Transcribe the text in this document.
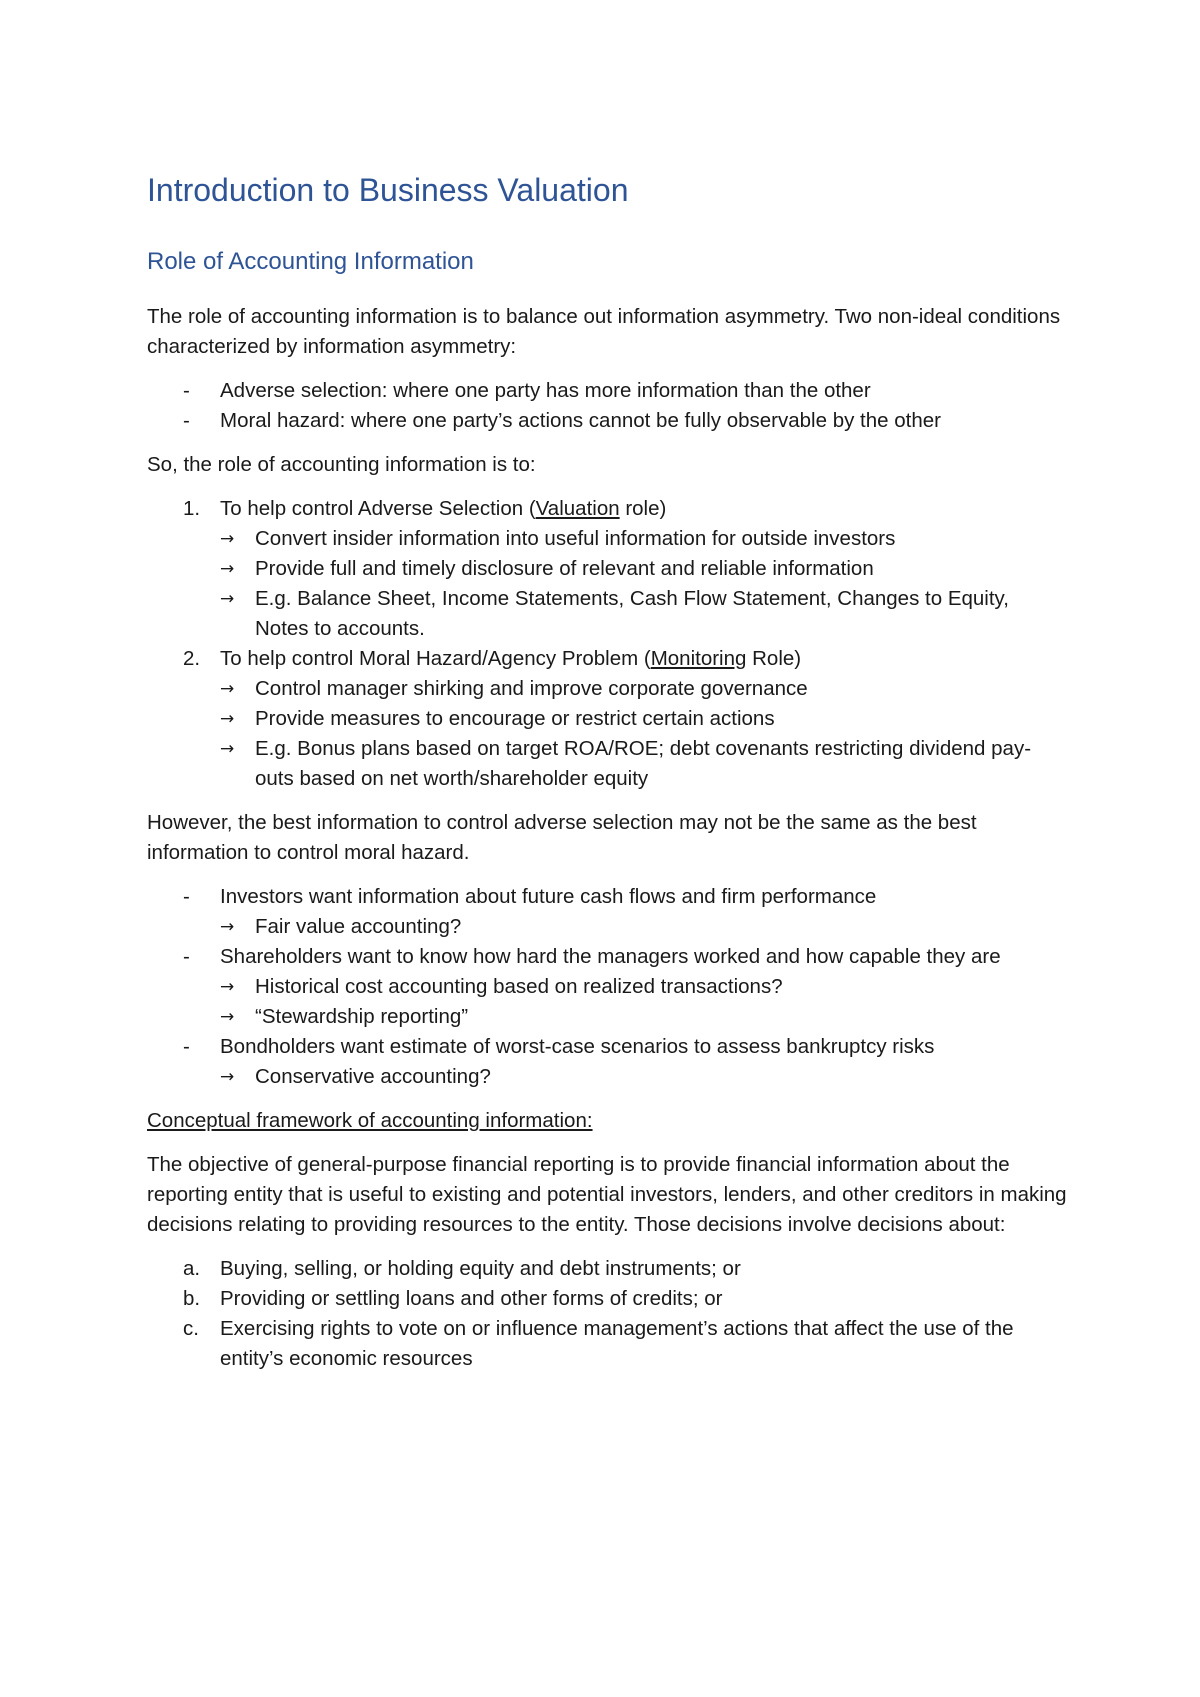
Introduction to Business Valuation
Role of Accounting Information

The role of accounting information is to balance out information asymmetry. Two non-ideal conditions characterized by information asymmetry:

- Adverse selection: where one party has more information than the other
- Moral hazard: where one party’s actions cannot be fully observable by the other

So, the role of accounting information is to:

1. To help control Adverse Selection (Valuation role)
→ Convert insider information into useful information for outside investors
→ Provide full and timely disclosure of relevant and reliable information
→ E.g. Balance Sheet, Income Statements, Cash Flow Statement, Changes to Equity, Notes to accounts.
2. To help control Moral Hazard/Agency Problem (Monitoring Role)
→ Control manager shirking and improve corporate governance
→ Provide measures to encourage or restrict certain actions
→ E.g. Bonus plans based on target ROA/ROE; debt covenants restricting dividend pay-outs based on net worth/shareholder equity

However, the best information to control adverse selection may not be the same as the best information to control moral hazard.

- Investors want information about future cash flows and firm performance
→ Fair value accounting?
- Shareholders want to know how hard the managers worked and how capable they are
→ Historical cost accounting based on realized transactions?
→ “Stewardship reporting”
- Bondholders want estimate of worst-case scenarios to assess bankruptcy risks
→ Conservative accounting?

Conceptual framework of accounting information:

The objective of general-purpose financial reporting is to provide financial information about the reporting entity that is useful to existing and potential investors, lenders, and other creditors in making decisions relating to providing resources to the entity. Those decisions involve decisions about:

a. Buying, selling, or holding equity and debt instruments; or
b. Providing or settling loans and other forms of credits; or
c. Exercising rights to vote on or influence management’s actions that affect the use of the entity’s economic resources
